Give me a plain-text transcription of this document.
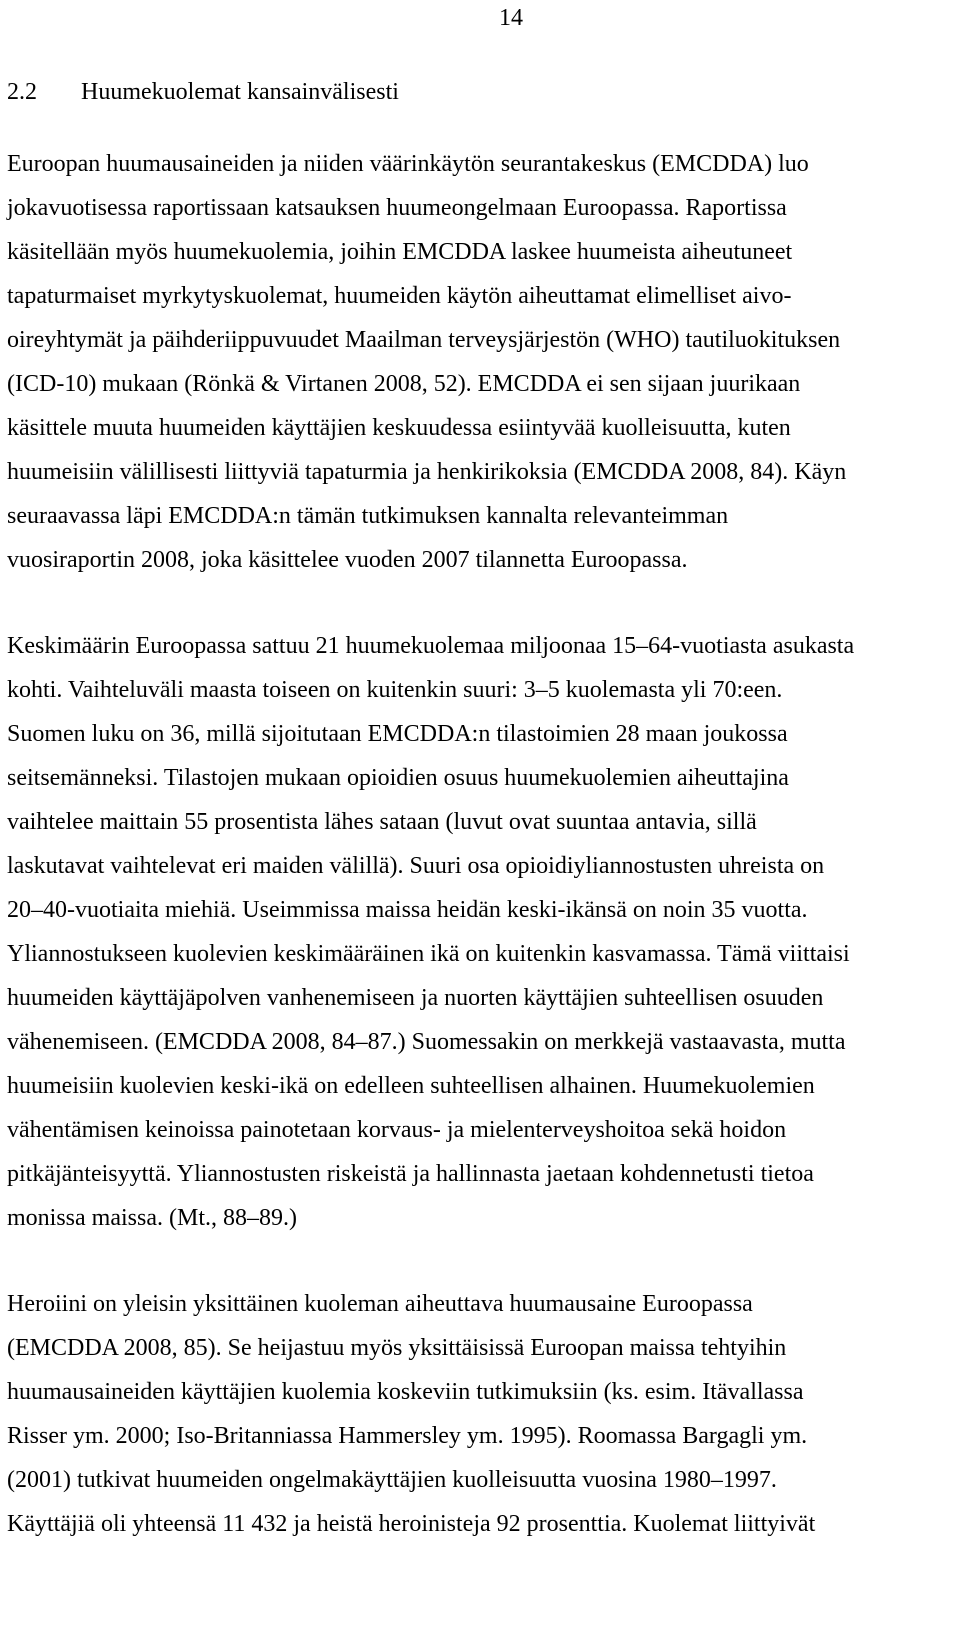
14
2.2 Huumekuolemat kansainvälisesti
Euroopan huumausaineiden ja niiden väärinkäytön seurantakeskus (EMCDDA) luo
jokavuotisessa raportissaan katsauksen huumeongelmaan Euroopassa. Raportissa
käsitellään myös huumekuolemia, joihin EMCDDA laskee huumeista aiheutuneet
tapaturmaiset myrkytyskuolemat, huumeiden käytön aiheuttamat elimelliset aivo-
oireyhtymät ja päihderiippuvuudet Maailman terveysjärjestön (WHO) tautiluokituksen
(ICD-10) mukaan (Rönkä & Virtanen 2008, 52). EMCDDA ei sen sijaan juurikaan
käsittele muuta huumeiden käyttäjien keskuudessa esiintyvää kuolleisuutta, kuten
huumeisiin välillisesti liittyviä tapaturmia ja henkirikoksia (EMCDDA 2008, 84). Käyn
seuraavassa läpi EMCDDA:n tämän tutkimuksen kannalta relevanteimman
vuosiraportin 2008, joka käsittelee vuoden 2007 tilannetta Euroopassa.
Keskimäärin Euroopassa sattuu 21 huumekuolemaa miljoonaa 15–64-vuotiasta asukasta
kohti. Vaihteluväli maasta toiseen on kuitenkin suuri: 3–5 kuolemasta yli 70:een.
Suomen luku on 36, millä sijoitutaan EMCDDA:n tilastoimien 28 maan joukossa
seitsemänneksi. Tilastojen mukaan opioidien osuus huumekuolemien aiheuttajina
vaihtelee maittain 55 prosentista lähes sataan (luvut ovat suuntaa antavia, sillä
laskutavat vaihtelevat eri maiden välillä). Suuri osa opioidiyliannostusten uhreista on
20–40-vuotiaita miehiä. Useimmissa maissa heidän keski-ikänsä on noin 35 vuotta.
Yliannostukseen kuolevien keskimääräinen ikä on kuitenkin kasvamassa. Tämä viittaisi
huumeiden käyttäjäpolven vanhenemiseen ja nuorten käyttäjien suhteellisen osuuden
vähenemiseen. (EMCDDA 2008, 84–87.) Suomessakin on merkkejä vastaavasta, mutta
huumeisiin kuolevien keski-ikä on edelleen suhteellisen alhainen. Huumekuolemien
vähentämisen keinoissa painotetaan korvaus- ja mielenterveyshoitoa sekä hoidon
pitkäjänteisyyttä. Yliannostusten riskeistä ja hallinnasta jaetaan kohdennetusti tietoa
monissa maissa. (Mt., 88–89.)
Heroiini on yleisin yksittäinen kuoleman aiheuttava huumausaine Euroopassa
(EMCDDA 2008, 85). Se heijastuu myös yksittäisissä Euroopan maissa tehtyihin
huumausaineiden käyttäjien kuolemia koskeviin tutkimuksiin (ks. esim. Itävallassa
Risser ym. 2000; Iso-Britanniassa Hammersley ym. 1995). Roomassa Bargagli ym.
(2001) tutkivat huumeiden ongelmakäyttäjien kuolleisuutta vuosina 1980–1997.
Käyttäjiä oli yhteensä 11 432 ja heistä heroinisteja 92 prosenttia. Kuolemat liittyivät
